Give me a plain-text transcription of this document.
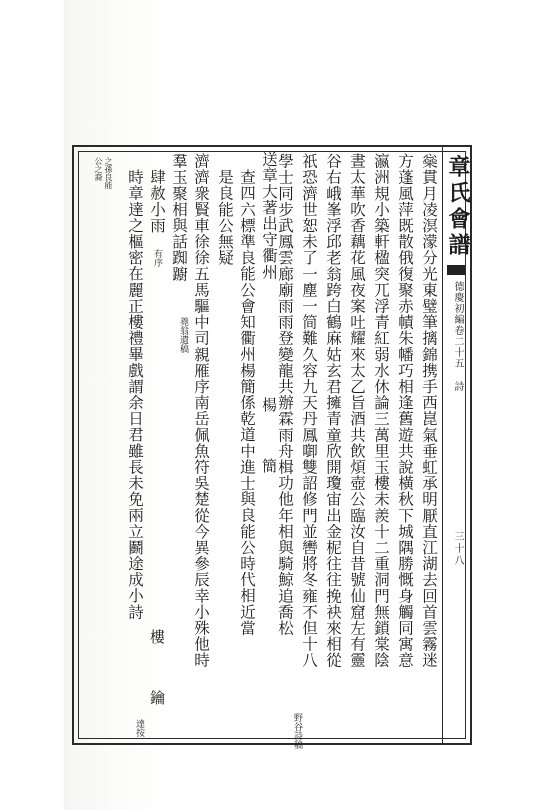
章氏會譜
德慶初編卷二十五 詩
三十八
橤貫月凌溟濛分光東璧筆摛錦携手西崑氣垂虹承明厭直江湖去回首雲霧迷
方蓬風萍既散俄復聚赤幘朱幡巧相逢舊遊共說橫秋下城隅勝慨身觸同寓意
瀛洲規小築軒楹突兀浮青紅弱水休論三萬里玉樓未羨十二重洞門無鎖棠陰
晝太華吹香藕花風夜案吐耀來太乙旨酒共飲煩壺公臨汝自昔號仙窟左有靈
谷右峨峯浮邱老翁跨白鶴麻姑玄君擁青童欣開瓊宙出金柅往往挽袂來相從
祇恐濟世恕未了一塵一简難久容九天丹鳳啣雙詔修門並轡將冬雍不但十八
學士同步武鳳雲廊廟雨雨登變龍共辦霖雨舟楫功他年相與騎鯨追喬松
野谷詩稿
送章大著出守衢州
楊 簡
查四六標準良能公會知衢州楊簡係乾道中進士與良能公時代相近當
是良能公無疑
濟濟衆賢車徐徐五馬驅中司親雁序南岳佩魚符吳楚從今異參辰幸小殊他時
羣玉聚相與話踟躕
蕘翁遺稿
肆赦小雨
有序
樓 鑰
時章達之樞密在麗正樓禮畢戲謂余日君雖長未免兩立鬬途成小詩
達按
之孫良能
公之裔
